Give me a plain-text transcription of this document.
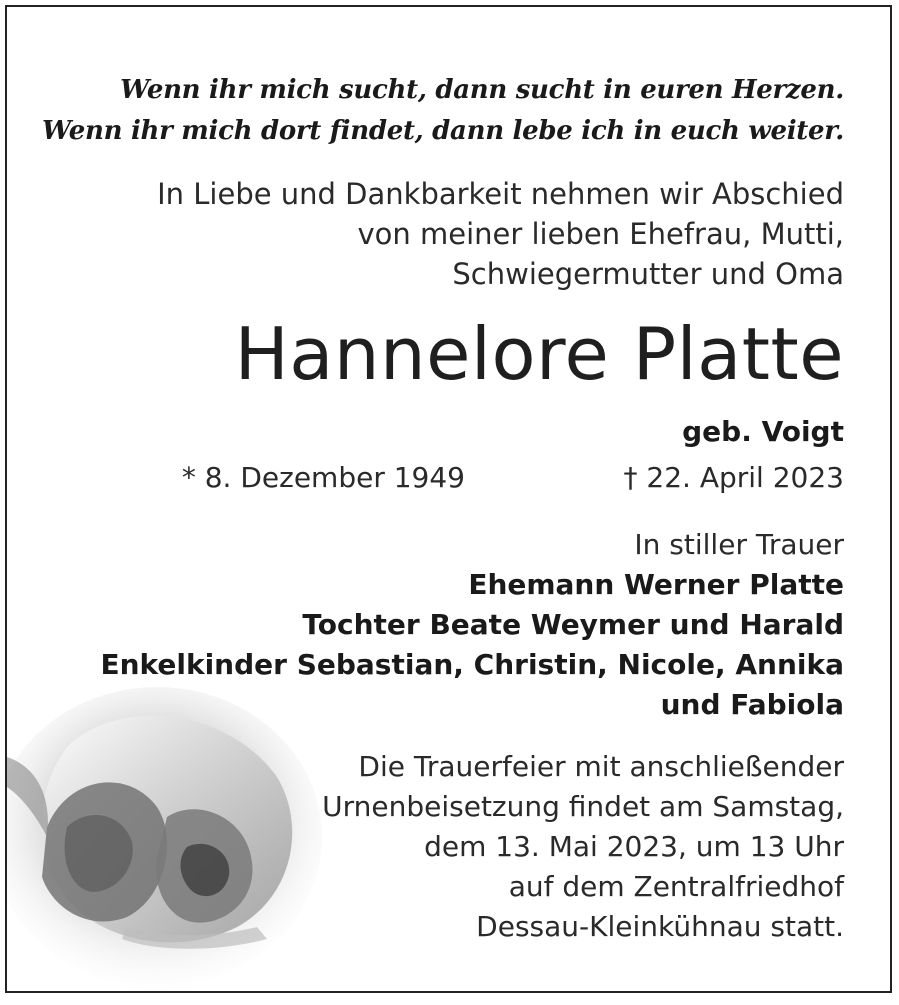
Wenn ihr mich sucht, dann sucht in euren Herzen.

Wenn ihr mich dort findet, dann lebe ich in euch weiter.

In Liebe und Dankbarkeit nehmen wir Abschied

von meiner lieben Ehefrau, Mutti,

Schwiegermutter und Oma

Hannelore Platte

geb. Voigt

* 8. Dezember 1949	† 22. April 2023

In stiller Trauer

Ehemann Werner Platte

Tochter Beate Weymer und Harald

Enkelkinder Sebastian, Christin, Nicole, Annika

und Fabiola

Die Trauerfeier mit anschließender

Urnenbeisetzung findet am Samstag,

dem 13. Mai 2023, um 13 Uhr

auf dem Zentralfriedhof

Dessau-Kleinkühnau statt.
